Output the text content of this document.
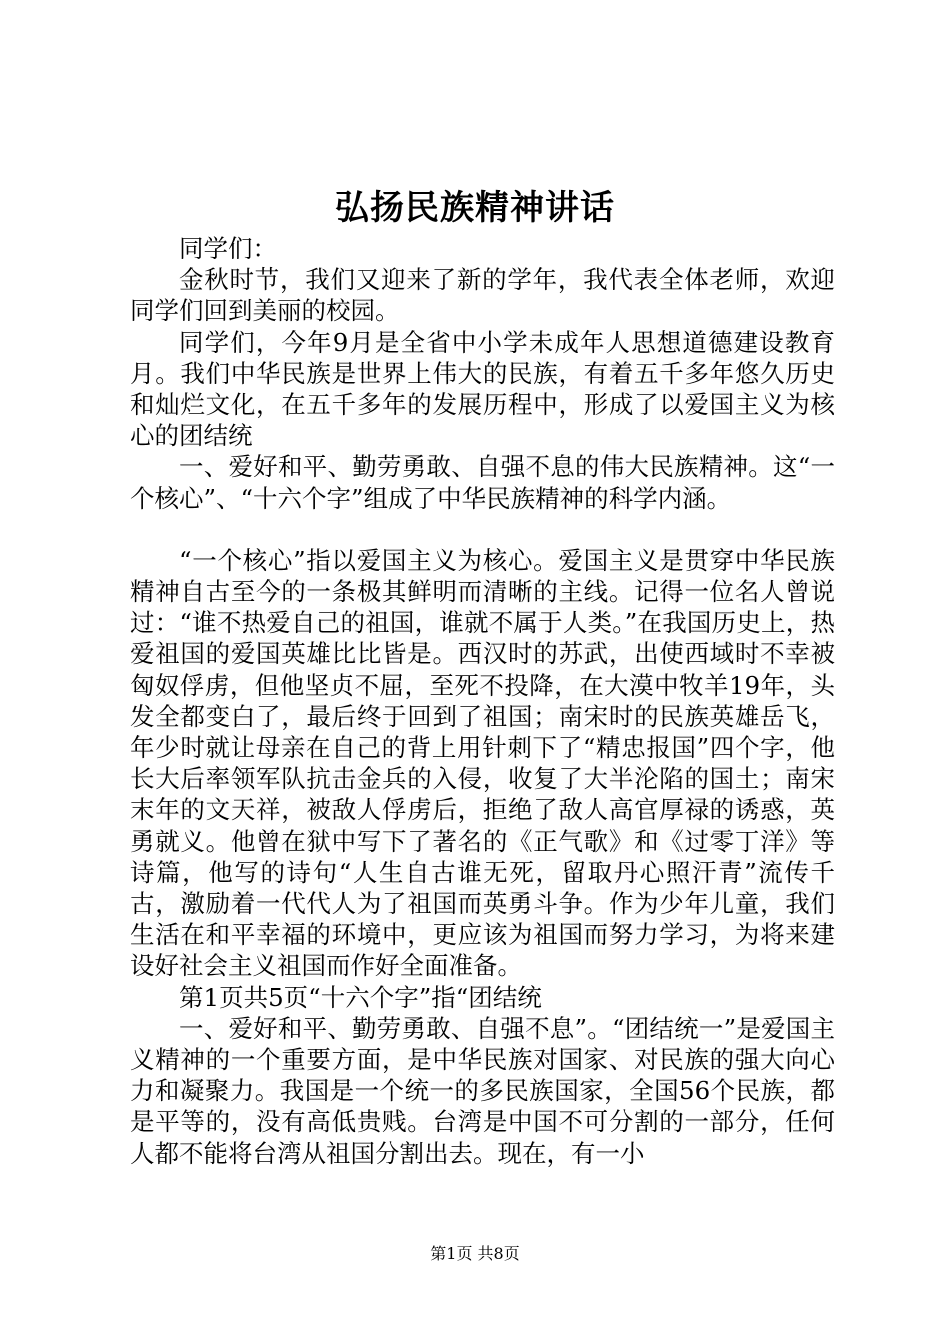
弘扬民族精神讲话

同学们：

金秋时节，我们又迎来了新的学年，我代表全体老师，欢迎同学们回到美丽的校园。

同学们，今年9月是全省中小学未成年人思想道德建设教育月。我们中华民族是世界上伟大的民族，有着五千多年悠久历史和灿烂文化，在五千多年的发展历程中，形成了以爱国主义为核心的团结统

一、爱好和平、勤劳勇敢、自强不息的伟大民族精神。这“一个核心”、“十六个字”组成了中华民族精神的科学内涵。

“一个核心”指以爱国主义为核心。爱国主义是贯穿中华民族精神自古至今的一条极其鲜明而清晰的主线。记得一位名人曾说过：“谁不热爱自己的祖国，谁就不属于人类。”在我国历史上，热爱祖国的爱国英雄比比皆是。西汉时的苏武，出使西域时不幸被匈奴俘虏，但他坚贞不屈，至死不投降，在大漠中牧羊19年，头发全都变白了，最后终于回到了祖国；南宋时的民族英雄岳飞，年少时就让母亲在自己的背上用针刺下了“精忠报国”四个字，他长大后率领军队抗击金兵的入侵，收复了大半沦陷的国土；南宋末年的文天祥，被敌人俘虏后，拒绝了敌人高官厚禄的诱惑，英勇就义。他曾在狱中写下了著名的《正气歌》和《过零丁洋》等诗篇，他写的诗句“人生自古谁无死，留取丹心照汗青”流传千古，激励着一代代人为了祖国而英勇斗争。作为少年儿童，我们生活在和平幸福的环境中，更应该为祖国而努力学习，为将来建设好社会主义祖国而作好全面准备。

第1页共5页“十六个字”指“团结统

一、爱好和平、勤劳勇敢、自强不息”。“团结统一”是爱国主义精神的一个重要方面，是中华民族对国家、对民族的强大向心力和凝聚力。我国是一个统一的多民族国家，全国56个民族，都是平等的，没有高低贵贱。台湾是中国不可分割的一部分，任何人都不能将台湾从祖国分割出去。现在，有一小

第1页 共8页
